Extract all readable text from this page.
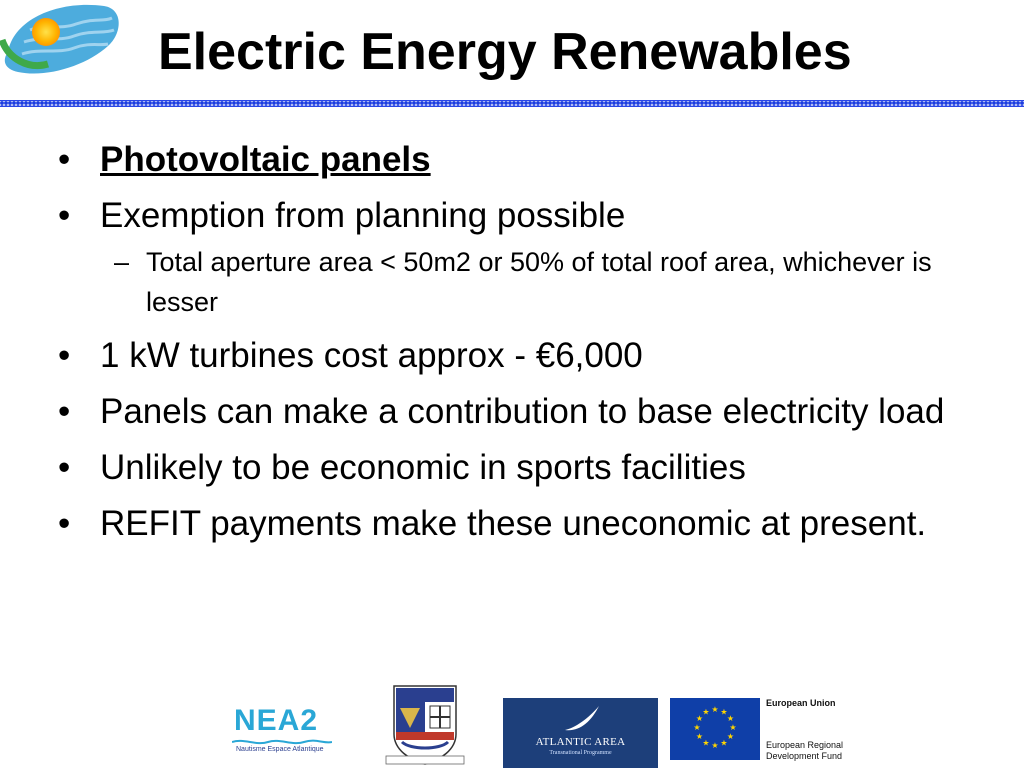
Electric Energy Renewables
• Photovoltaic panels
• Exemption from planning possible
– Total aperture area < 50m2 or 50% of total roof area, whichever is lesser
• 1 kW turbines cost approx - €6,000
• Panels can make a contribution to base electricity load
• Unlikely to be economic in sports facilities
• REFIT payments make these uneconomic at present.
NEA2
Nautisme Espace Atlantique
ATLANTIC AREA
Transnational Programme
★ ★
★
★
★
★
★
★
★
★
★
★
European Union
European Regional Development Fund
